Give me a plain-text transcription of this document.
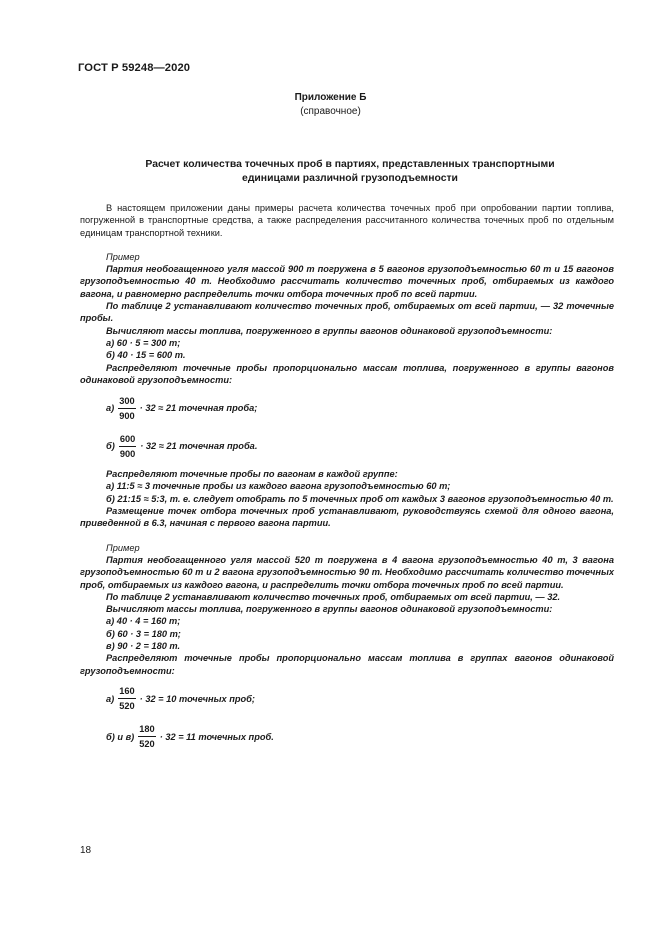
ГОСТ Р 59248—2020
Приложение Б
(справочное)
Расчет количества точечных проб в партиях, представленных транспортными
единицами различной грузоподъемности

В настоящем приложении даны примеры расчета количества точечных проб при опробовании партии топлива, погруженной в транспортные средства, а также распределения рассчитанного количества точечных проб по отдельным единицам транспортной техники.

Пример

Партия необогащенного угля массой 900 т погружена в 5 вагонов грузоподъемностью 60 т и 15 вагонов грузоподъемностью 40 т. Необходимо рассчитать количество точечных проб, отбираемых из каждого вагона, и равномерно распределить точки отбора точечных проб по всей партии.

По таблице 2 устанавливают количество точечных проб, отбираемых от всей партии, — 32 точечные пробы.

Вычисляют массы топлива, погруженного в группы вагонов одинаковой грузоподъемности:

а) 60 · 5 = 300 т;

б) 40 · 15 = 600 т.

Распределяют точечные пробы пропорционально массам топлива, погруженного в группы вагонов одинаковой грузоподъемности:

$а) \frac{300}{900} \cdot 32 \approx 21$ точечная проба;
$б) \frac{600}{900} \cdot 32 \approx 21$ точечная проба.

Распределяют точечные пробы по вагонам в каждой группе:

а) 11:5 ≈ 3 точечные пробы из каждого вагона грузоподъемностью 60 т;

б) 21:15 ≈ 5:3, т. е. следует отобрать по 5 точечных проб от каждых 3 вагонов грузоподъемностью 40 т.

Размещение точек отбора точечных проб устанавливают, руководствуясь схемой для одного вагона, приведенной в 6.3, начиная с первого вагона партии.

Пример

Партия необогащенного угля массой 520 т погружена в 4 вагона грузоподъемностью 40 т, 3 вагона грузоподъемностью 60 т и 2 вагона грузоподъемностью 90 т. Необходимо рассчитать количество точечных проб, отбираемых из каждого вагона, и распределить точки отбора точечных проб по всей партии.

По таблице 2 устанавливают количество точечных проб, отбираемых от всей партии, — 32.

Вычисляют массы топлива, погруженного в группы вагонов одинаковой грузоподъемности:

а) 40 · 4 = 160 т;

б) 60 · 3 = 180 т;

в) 90 · 2 = 180 т.

Распределяют точечные пробы пропорционально массам топлива в группах вагонов одинаковой грузоподъемности:

$а) \frac{160}{520} \cdot 32 = 10$ точечных проб;
б) и $в) \frac{180}{520} \cdot 32 = 11$ точечных проб.
18
